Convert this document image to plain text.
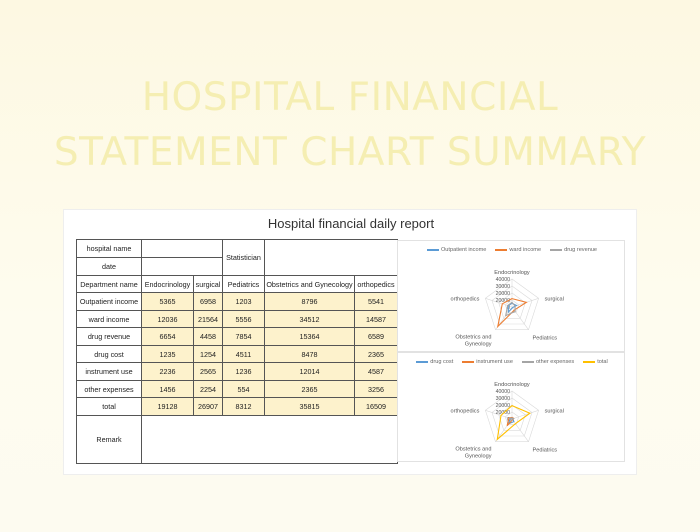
HOSPITAL FINANCIAL
STATEMENT CHART SUMMARY
Hospital financial daily report
hospital name			Statistician		
date					
Department name	Endocrinology	surgical	Pediatrics	Obstetrics and Gynecology	orthopedics
Outpatient income	5365	6958	1203	8796	5541
ward income	12036	21564	5556	34512	14587
drug revenue	6654	4458	7854	15364	6589
drug cost	1235	1254	4511	8478	2365
instrument use	2236	2565	1236	12014	4587
other expenses	1456	2254	554	2365	3256
total	19128	26907	8312	35815	16509
Remark					
Outpatient income	ward income	drug revenue
0
20000
20000
30000
40000
Endocrinology
surgical
Pediatrics
Obstetrics and Gyneology
orthopedics
drug cost	instrument use	other expenses	total
0
20000
20000
30000
40000
Endocrinology
surgical
Pediatrics
Obstetrics and Gyneology
orthopedics
